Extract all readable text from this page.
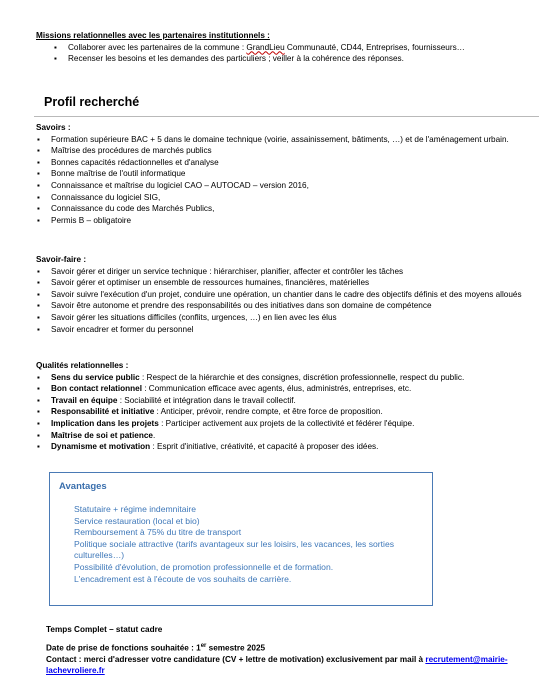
Missions relationnelles avec les partenaires institutionnels :
▪ Collaborer avec les partenaires de la commune : GrandLieu Communauté, CD44, Entreprises, fournisseurs…
▪ Recenser les besoins et les demandes des particuliers ; veiller à la cohérence des réponses.
Profil recherché
Savoirs :
▪ Formation supérieure BAC + 5 dans le domaine technique (voirie, assainissement, bâtiments, …) et de l'aménagement urbain.
▪ Maîtrise des procédures de marchés publics
▪ Bonnes capacités rédactionnelles et d'analyse
▪ Bonne maîtrise de l'outil informatique
▪ Connaissance et maîtrise du logiciel CAO – AUTOCAD – version 2016,
▪ Connaissance du logiciel SIG,
▪ Connaissance du code des Marchés Publics,
▪ Permis B – obligatoire
Savoir-faire :
▪ Savoir gérer et diriger un service technique : hiérarchiser, planifier, affecter et contrôler les tâches
▪ Savoir gérer et optimiser un ensemble de ressources humaines, financières, matérielles
▪ Savoir suivre l'exécution d'un projet, conduire une opération, un chantier dans le cadre des objectifs définis et des moyens alloués
▪ Savoir être autonome et prendre des responsabilités ou des initiatives dans son domaine de compétence
▪ Savoir gérer les situations difficiles (conflits, urgences, …) en lien avec les élus
▪ Savoir encadrer et former du personnel
Qualités relationnelles :
▪ Sens du service public : Respect de la hiérarchie et des consignes, discrétion professionnelle, respect du public.
▪ Bon contact relationnel : Communication efficace avec agents, élus, administrés, entreprises, etc.
▪ Travail en équipe : Sociabilité et intégration dans le travail collectif.
▪ Responsabilité et initiative : Anticiper, prévoir, rendre compte, et être force de proposition.
▪ Implication dans les projets : Participer activement aux projets de la collectivité et fédérer l'équipe.
▪ Maîtrise de soi et patience.
▪ Dynamisme et motivation : Esprit d'initiative, créativité, et capacité à proposer des idées.
Avantages
Statutaire + régime indemnitaire
Service restauration (local et bio)
Remboursement à 75% du titre de transport
Politique sociale attractive (tarifs avantageux sur les loisirs, les vacances, les sorties culturelles…)
Possibilité d'évolution, de promotion professionnelle et de formation.
L'encadrement est à l'écoute de vos souhaits de carrière.
Temps Complet – statut cadre
Date de prise de fonctions souhaitée : 1er semestre 2025
Contact : merci d'adresser votre candidature (CV + lettre de motivation) exclusivement par mail à recrutement@mairie-lachevroliere.fr
